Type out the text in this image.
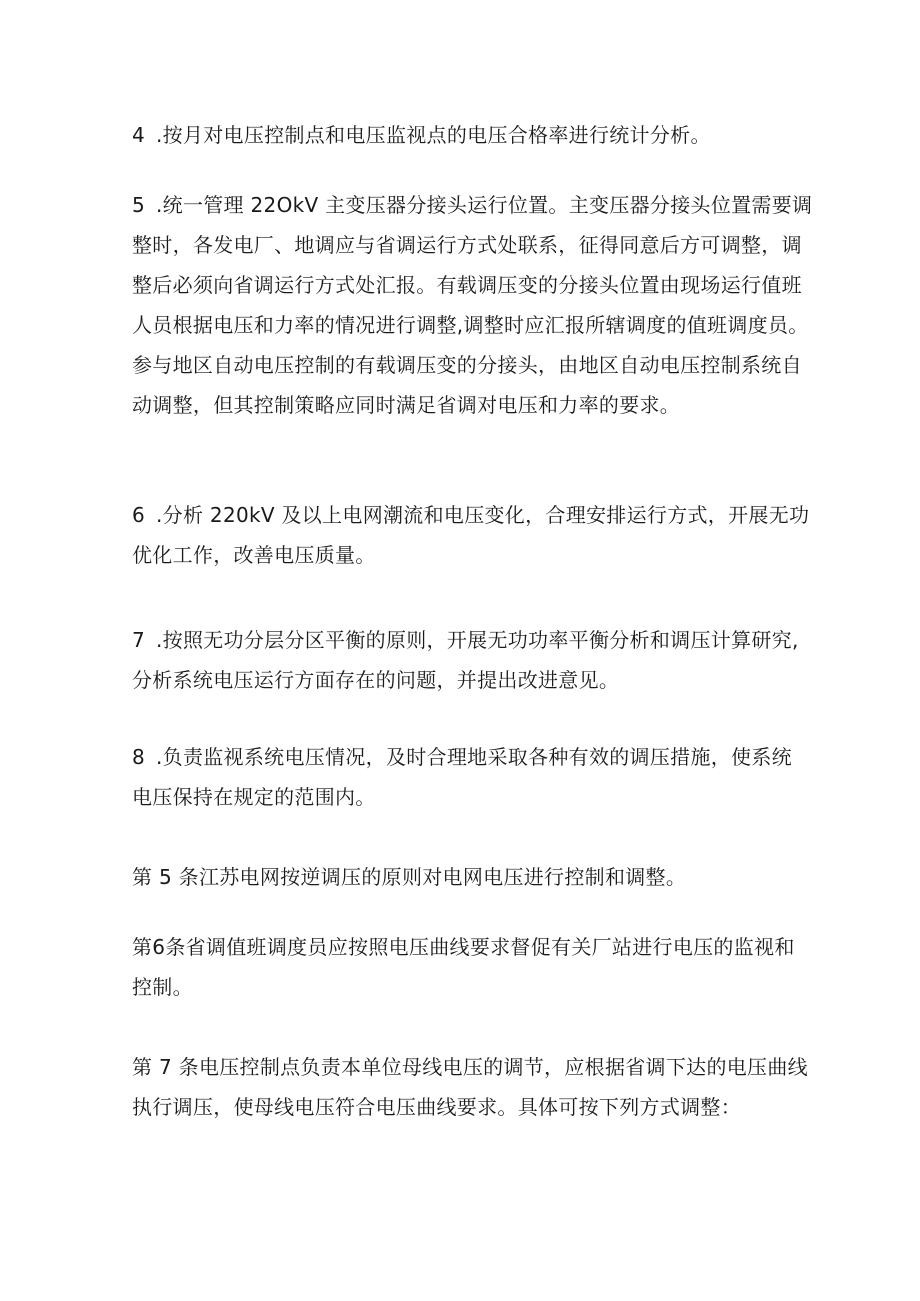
4 .按月对电压控制点和电压监视点的电压合格率进行统计分析。
5 .统一管理 22OkV 主变压器分接头运行位置。主变压器分接头位置需要调
整时，各发电厂、地调应与省调运行方式处联系，征得同意后方可调整，调
整后必须向省调运行方式处汇报。有载调压变的分接头位置由现场运行值班
人员根据电压和力率的情况进行调整,调整时应汇报所辖调度的值班调度员。
参与地区自动电压控制的有载调压变的分接头，由地区自动电压控制系统自
动调整，但其控制策略应同时满足省调对电压和力率的要求。
6 .分析 220kV 及以上电网潮流和电压变化，合理安排运行方式，开展无功
优化工作，改善电压质量。
7 .按照无功分层分区平衡的原则，开展无功功率平衡分析和调压计算研究,
分析系统电压运行方面存在的问题，并提出改进意见。
8 .负责监视系统电压情况，及时合理地采取各种有效的调压措施，使系统
电压保持在规定的范围内。
第 5 条江苏电网按逆调压的原则对电网电压进行控制和调整。
第6条省调值班调度员应按照电压曲线要求督促有关厂站进行电压的监视和
控制。
第 7 条电压控制点负责本单位母线电压的调节，应根据省调下达的电压曲线
执行调压，使母线电压符合电压曲线要求。具体可按下列方式调整：
